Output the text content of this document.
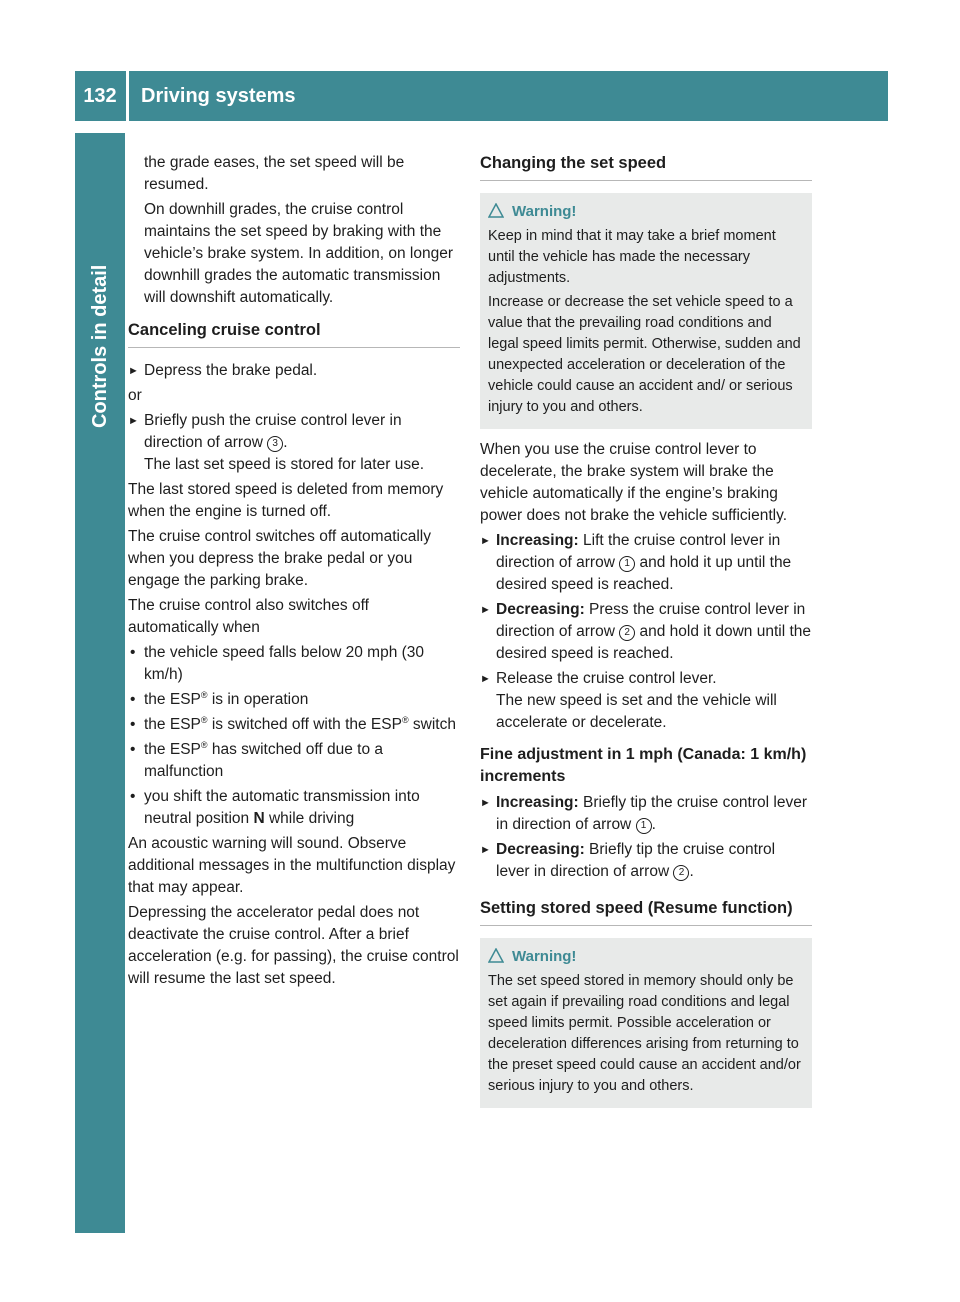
132	Driving systems
Controls in detail

the grade eases, the set speed will be resumed.

On downhill grades, the cruise control maintains the set speed by braking with the vehicle’s brake system. In addition, on longer downhill grades the automatic transmission will downshift automatically.

Canceling cruise control
► Depress the brake pedal.

or

► Briefly push the cruise control lever in direction of arrow 3 .
The last set speed is stored for later use.

The last stored speed is deleted from memory when the engine is turned off.

The cruise control switches off automatically when you depress the brake pedal or you engage the parking brake.

The cruise control also switches off automatically when

• the vehicle speed falls below 20 mph (30 km/h)
• the ESP® is in operation
• the ESP® is switched off with the ESP® switch
• the ESP® has switched off due to a malfunction
• you shift the automatic transmission into neutral position N while driving

An acoustic warning will sound. Observe additional messages in the multifunction display that may appear.

Depressing the accelerator pedal does not deactivate the cruise control. After a brief acceleration (e.g. for passing), the cruise control will resume the last set speed.

Changing the set speed
Warning!

Keep in mind that it may take a brief moment until the vehicle has made the necessary adjustments.

Increase or decrease the set vehicle speed to a value that the prevailing road conditions and legal speed limits permit. Otherwise, sudden and unexpected acceleration or deceleration of the vehicle could cause an accident and/ or serious injury to you and others.

When you use the cruise control lever to decelerate, the brake system will brake the vehicle automatically if the engine’s braking power does not brake the vehicle sufficiently.

► Increasing: Lift the cruise control lever in direction of arrow 1 and hold it up until the desired speed is reached.
► Decreasing: Press the cruise control lever in direction of arrow 2 and hold it down until the desired speed is reached.
► Release the cruise control lever.
The new speed is set and the vehicle will accelerate or decelerate.
Fine adjustment in 1 mph (Canada: 1 km/h) increments
► Increasing: Briefly tip the cruise control lever in direction of arrow 1 .
► Decreasing: Briefly tip the cruise control lever in direction of arrow 2 .
Setting stored speed (Resume function)
Warning!

The set speed stored in memory should only be set again if prevailing road conditions and legal speed limits permit. Possible acceleration or deceleration differences arising from returning to the preset speed could cause an accident and/or serious injury to you and others.
